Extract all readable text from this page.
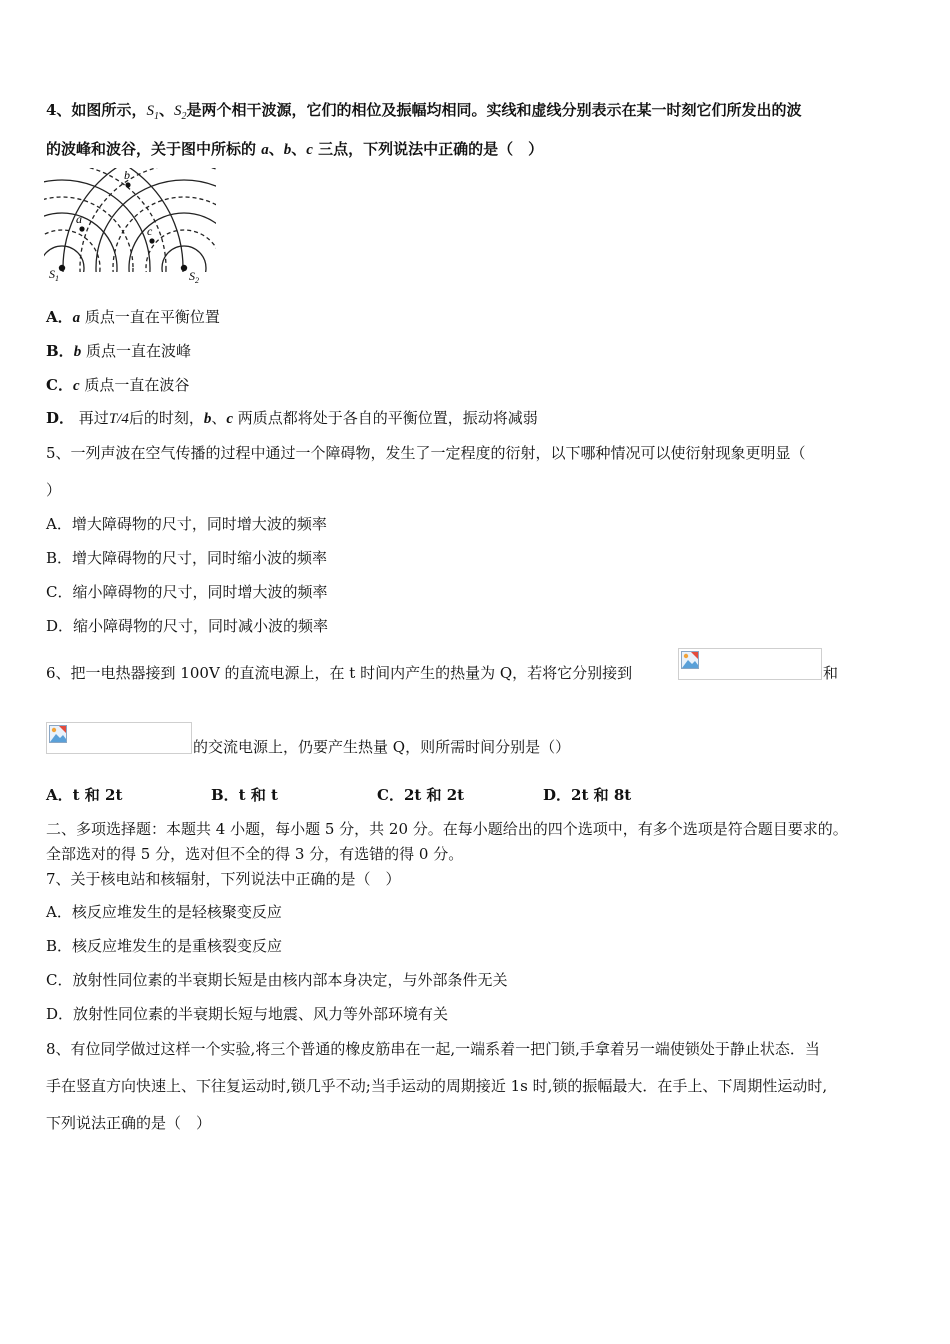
4、如图所示，$S_1$、$S_2$是两个相干波源，它们的相位及振幅均相同。实线和虚线分别表示在某一时刻它们所发出的波
的波峰和波谷，关于图中所标的 a、b、c 三点，下列说法中正确的是（　）
a
b
c
$S_1$	$S_2$
A．a 质点一直在平衡位置
B．b 质点一直在波峰
C．c 质点一直在波谷
D． 再过T/4后的时刻，b、c 两质点都将处于各自的平衡位置，振动将减弱
5、一列声波在空气传播的过程中通过一个障碍物，发生了一定程度的衍射，以下哪种情况可以使衍射现象更明显（
）
A．增大障碍物的尺寸，同时增大波的频率
B．增大障碍物的尺寸，同时缩小波的频率
C．缩小障碍物的尺寸，同时增大波的频率
D．缩小障碍物的尺寸，同时减小波的频率
6、把一电热器接到 100V 的直流电源上，在 t 时间内产生的热量为 Q，若将它分别接到	和
的交流电源上，仍要产生热量 Q，则所需时间分别是（）
A．t 和 2t	B．t 和 t	C．2t 和 2t	D．2t 和 8t
二、多项选择题：本题共 4 小题，每小题 5 分，共 20 分。在每小题给出的四个选项中，有多个选项是符合题目要求的。
全部选对的得 5 分，选对但不全的得 3 分，有选错的得 0 分。
7、关于核电站和核辐射，下列说法中正确的是（　）
A．核反应堆发生的是轻核聚变反应
B．核反应堆发生的是重核裂变反应
C．放射性同位素的半衰期长短是由核内部本身决定，与外部条件无关
D．放射性同位素的半衰期长短与地震、风力等外部环境有关
8、有位同学做过这样一个实验,将三个普通的橡皮筋串在一起,一端系着一把门锁,手拿着另一端使锁处于静止状态．当
手在竖直方向快速上、下往复运动时,锁几乎不动;当手运动的周期接近 1s 时,锁的振幅最大．在手上、下周期性运动时,
下列说法正确的是（　）
